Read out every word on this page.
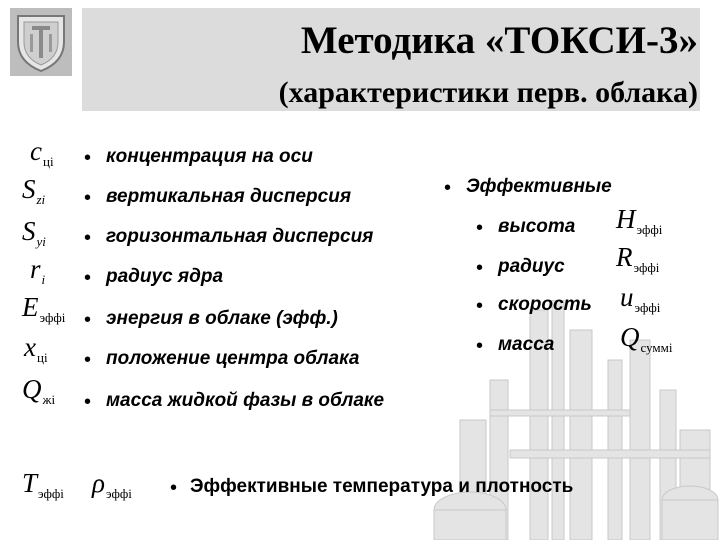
Методика «ТОКСИ-3»
(характеристики перв. облака)
$c_{цi}$
$S_{zi}$
$S_{yi}$
$r_i$
$E_{эффi}$
$x_{цi}$
$Q_{жi}$
• концентрация на оси
• вертикальная дисперсия
• горизонтальная дисперсия
• радиус ядра
• энергия в облаке (эфф.)
• положение центра облака
• масса жидкой фазы в облаке
• Эффективные
• высота $H_{эффi}$
• радиус $R_{эффi}$
• скорость $u_{эффi}$
• масса $Q_{суммi}$
$T_{эффi}$ $\rho_{эффi}$ • Эффективные температура и плотность
